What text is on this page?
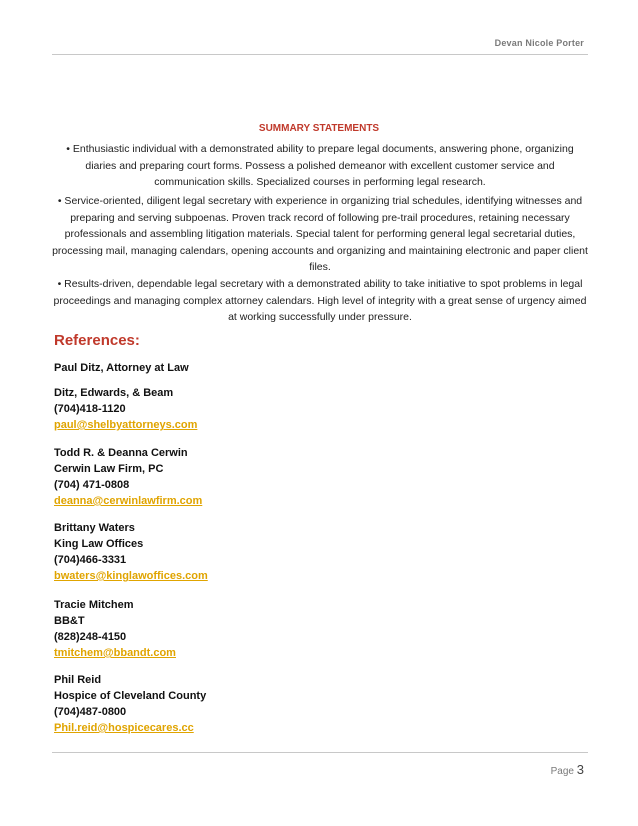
Devan Nicole Porter
SUMMARY STATEMENTS
• Enthusiastic individual with a demonstrated ability to prepare legal documents, answering phone, organizing diaries and preparing court forms. Possess a polished demeanor with excellent customer service and communication skills. Specialized courses in performing legal research.
• Service-oriented, diligent legal secretary with experience in organizing trial schedules, identifying witnesses and preparing and serving subpoenas. Proven track record of following pre-trail procedures, retaining necessary professionals and assembling litigation materials. Special talent for performing general legal secretarial duties, processing mail, managing calendars, opening accounts and organizing and maintaining electronic and paper client files.
• Results-driven, dependable legal secretary with a demonstrated ability to take initiative to spot problems in legal proceedings and managing complex attorney calendars. High level of integrity with a great sense of urgency aimed at working successfully under pressure.
References:
Paul Ditz, Attorney at Law
Ditz, Edwards, & Beam
(704)418-1120
paul@shelbyattorneys.com
Todd R. & Deanna Cerwin
Cerwin Law Firm, PC
(704) 471-0808
deanna@cerwinlawfirm.com
Brittany Waters
King Law Offices
(704)466-3331
bwaters@kinglawoffices.com
Tracie Mitchem
BB&T
(828)248-4150
tmitchem@bbandt.com
Phil Reid
Hospice of Cleveland County
(704)487-0800
Phil.reid@hospicecares.cc
Page 3
